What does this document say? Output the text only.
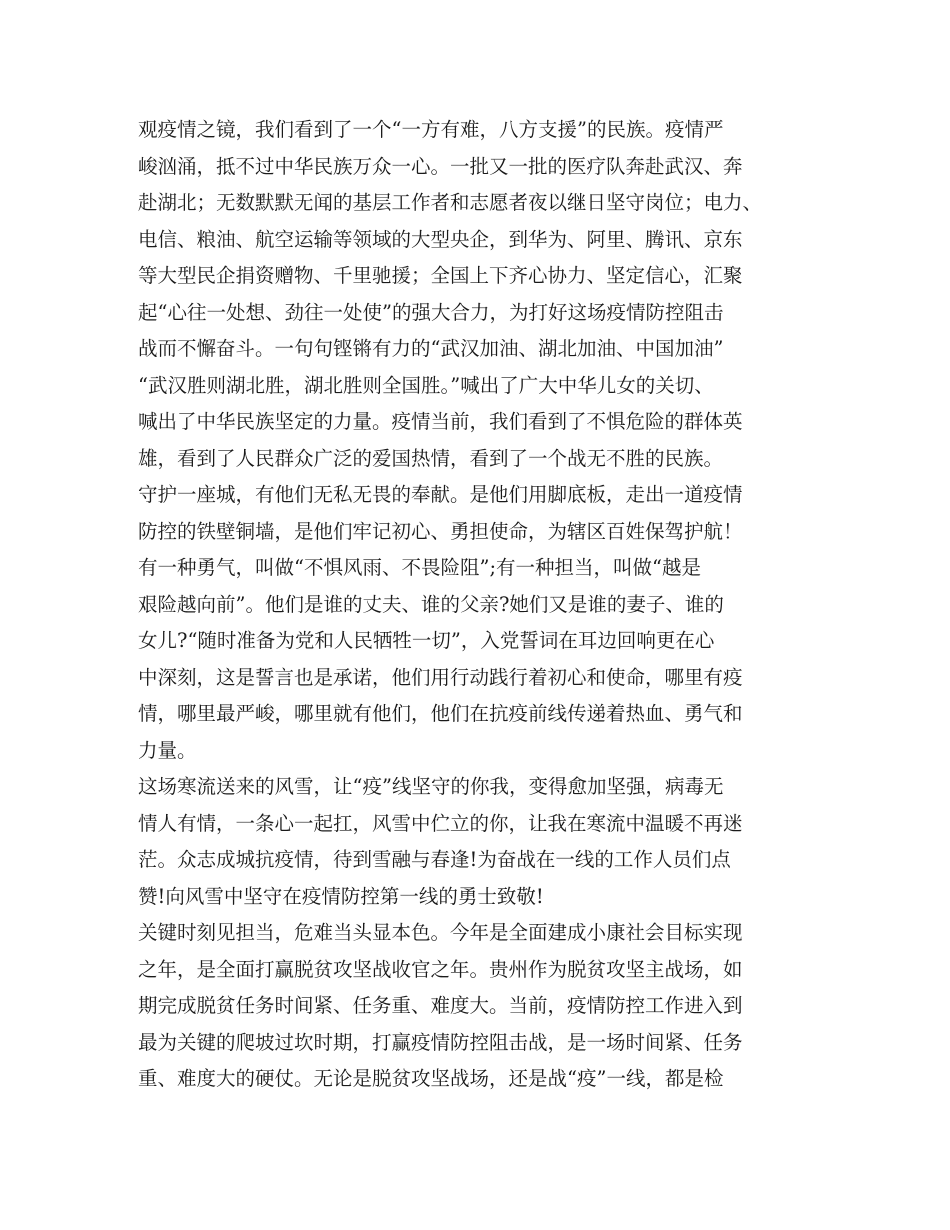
观疫情之镜，我们看到了一个“一方有难，八方支援”的民族。疫情严
峻汹涌，抵不过中华民族万众一心。一批又一批的医疗队奔赴武汉、奔
赴湖北；无数默默无闻的基层工作者和志愿者夜以继日坚守岗位；电力、
电信、粮油、航空运输等领域的大型央企，到华为、阿里、腾讯、京东
等大型民企捐资赠物、千里驰援；全国上下齐心协力、坚定信心，汇聚
起“心往一处想、劲往一处使”的强大合力，为打好这场疫情防控阻击
战而不懈奋斗。一句句铿锵有力的“武汉加油、湖北加油、中国加油”
“武汉胜则湖北胜，湖北胜则全国胜。”喊出了广大中华儿女的关切、
喊出了中华民族坚定的力量。疫情当前，我们看到了不惧危险的群体英
雄，看到了人民群众广泛的爱国热情，看到了一个战无不胜的民族。
守护一座城，有他们无私无畏的奉献。是他们用脚底板，走出一道疫情
防控的铁壁铜墙，是他们牢记初心、勇担使命，为辖区百姓保驾护航！
有一种勇气，叫做“不惧风雨、不畏险阻”;有一种担当，叫做“越是
艰险越向前”。他们是谁的丈夫、谁的父亲?她们又是谁的妻子、谁的
女儿?“随时准备为党和人民牺牲一切”，入党誓词在耳边回响更在心
中深刻，这是誓言也是承诺，他们用行动践行着初心和使命，哪里有疫
情，哪里最严峻，哪里就有他们，他们在抗疫前线传递着热血、勇气和
力量。
这场寒流送来的风雪，让“疫”线坚守的你我，变得愈加坚强，病毒无
情人有情，一条心一起扛，风雪中伫立的你，让我在寒流中温暖不再迷
茫。众志成城抗疫情，待到雪融与春逢!为奋战在一线的工作人员们点
赞!向风雪中坚守在疫情防控第一线的勇士致敬!
关键时刻见担当，危难当头显本色。今年是全面建成小康社会目标实现
之年，是全面打赢脱贫攻坚战收官之年。贵州作为脱贫攻坚主战场，如
期完成脱贫任务时间紧、任务重、难度大。当前，疫情防控工作进入到
最为关键的爬坡过坎时期，打赢疫情防控阻击战，是一场时间紧、任务
重、难度大的硬仗。无论是脱贫攻坚战场，还是战“疫”一线，都是检
